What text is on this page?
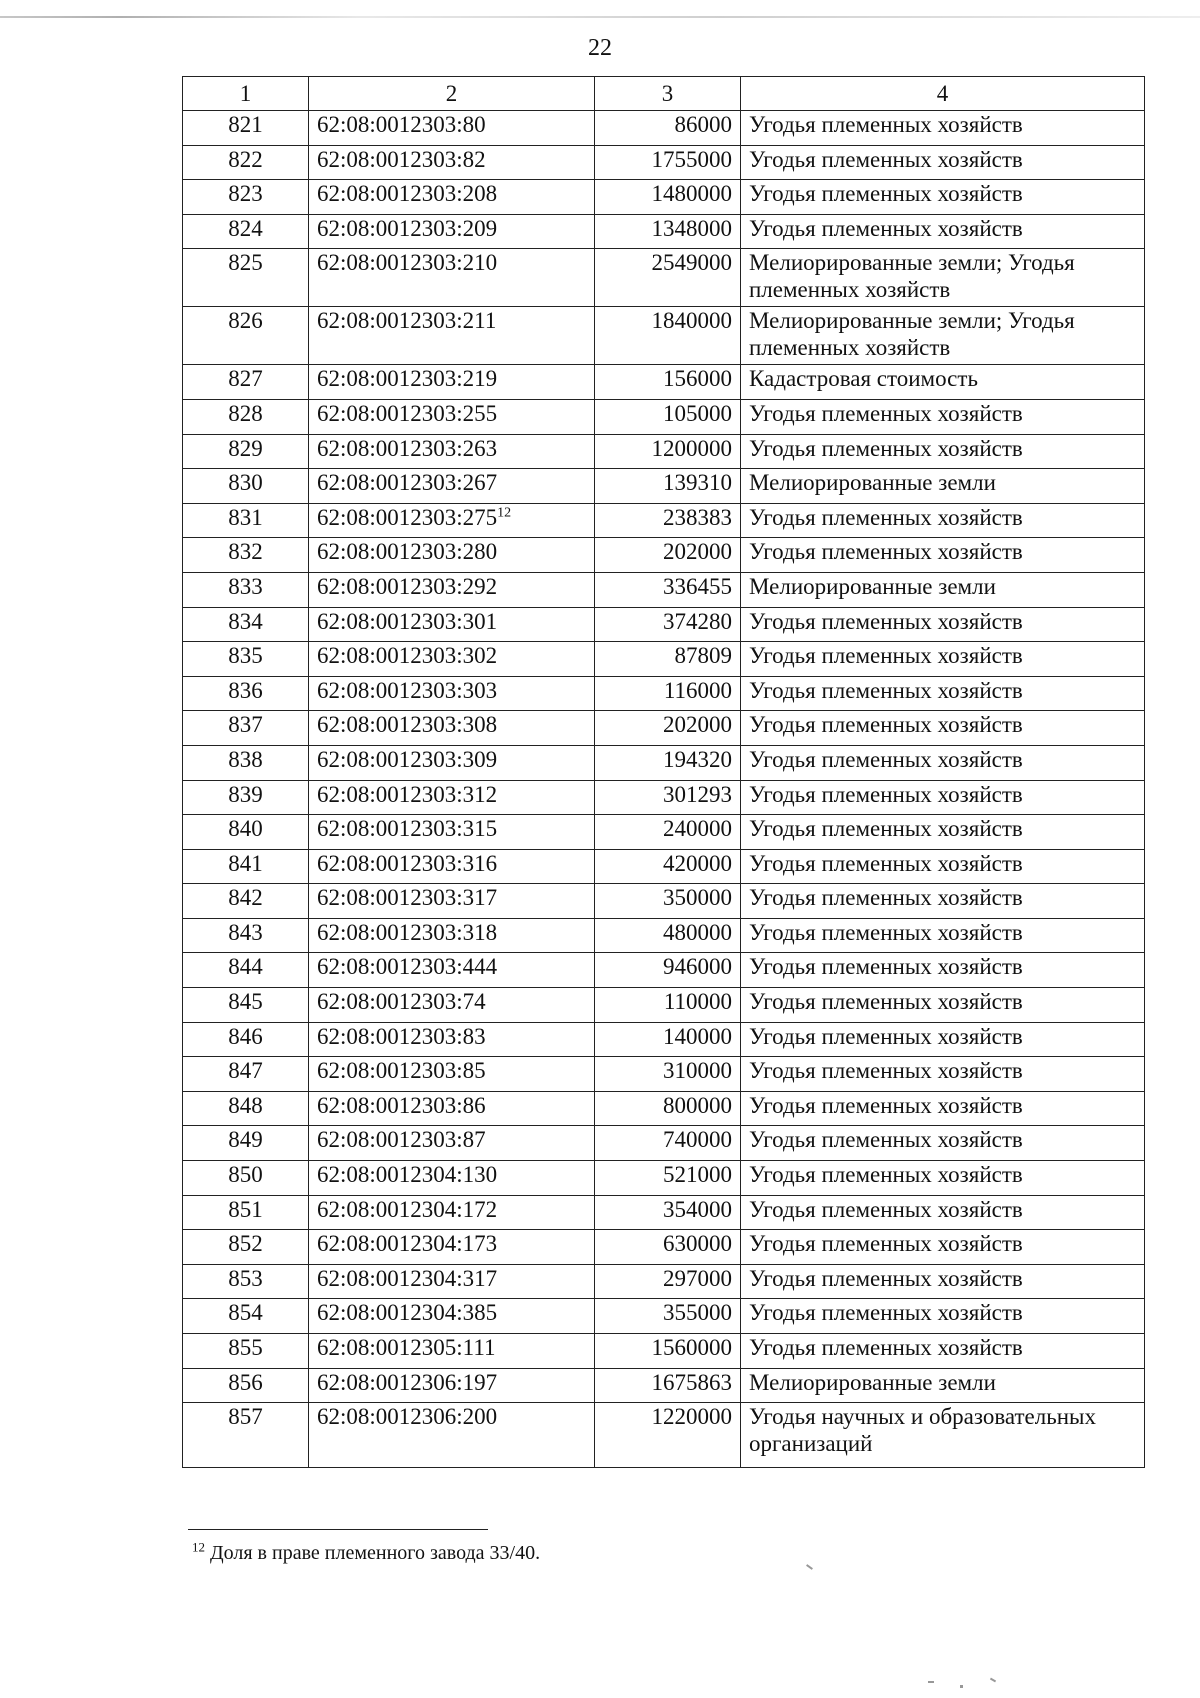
22
1	2	3	4
821	62:08:0012303:80	86000	Угодья племенных хозяйств
822	62:08:0012303:82	1755000	Угодья племенных хозяйств
823	62:08:0012303:208	1480000	Угодья племенных хозяйств
824	62:08:0012303:209	1348000	Угодья племенных хозяйств
825	62:08:0012303:210	2549000	Мелиорированные земли; Угодья племенных хозяйств
826	62:08:0012303:211	1840000	Мелиорированные земли; Угодья племенных хозяйств
827	62:08:0012303:219	156000	Кадастровая стоимость
828	62:08:0012303:255	105000	Угодья племенных хозяйств
829	62:08:0012303:263	1200000	Угодья племенных хозяйств
830	62:08:0012303:267	139310	Мелиорированные земли
831	62:08:0012303:275$^{12}$	238383	Угодья племенных хозяйств
832	62:08:0012303:280	202000	Угодья племенных хозяйств
833	62:08:0012303:292	336455	Мелиорированные земли
834	62:08:0012303:301	374280	Угодья племенных хозяйств
835	62:08:0012303:302	87809	Угодья племенных хозяйств
836	62:08:0012303:303	116000	Угодья племенных хозяйств
837	62:08:0012303:308	202000	Угодья племенных хозяйств
838	62:08:0012303:309	194320	Угодья племенных хозяйств
839	62:08:0012303:312	301293	Угодья племенных хозяйств
840	62:08:0012303:315	240000	Угодья племенных хозяйств
841	62:08:0012303:316	420000	Угодья племенных хозяйств
842	62:08:0012303:317	350000	Угодья племенных хозяйств
843	62:08:0012303:318	480000	Угодья племенных хозяйств
844	62:08:0012303:444	946000	Угодья племенных хозяйств
845	62:08:0012303:74	110000	Угодья племенных хозяйств
846	62:08:0012303:83	140000	Угодья племенных хозяйств
847	62:08:0012303:85	310000	Угодья племенных хозяйств
848	62:08:0012303:86	800000	Угодья племенных хозяйств
849	62:08:0012303:87	740000	Угодья племенных хозяйств
850	62:08:0012304:130	521000	Угодья племенных хозяйств
851	62:08:0012304:172	354000	Угодья племенных хозяйств
852	62:08:0012304:173	630000	Угодья племенных хозяйств
853	62:08:0012304:317	297000	Угодья племенных хозяйств
854	62:08:0012304:385	355000	Угодья племенных хозяйств
855	62:08:0012305:111	1560000	Угодья племенных хозяйств
856	62:08:0012306:197	1675863	Мелиорированные земли
857	62:08:0012306:200	1220000	Угодья научных и образовательных организаций
$^{12}$ Доля в праве племенного завода 33/40.
